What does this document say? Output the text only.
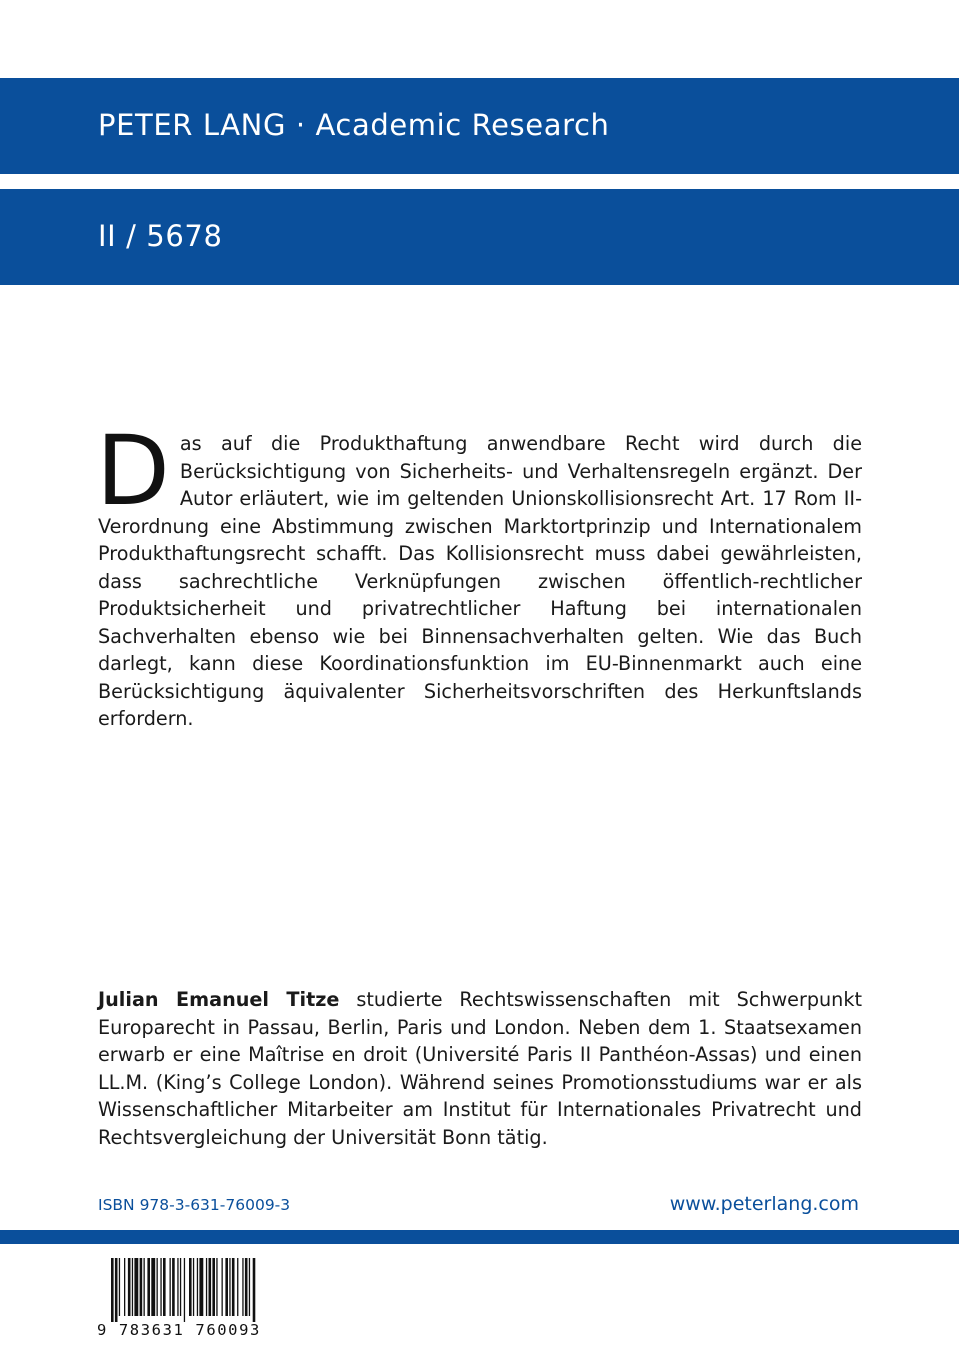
PETER LANG · Academic Research
II / 5678
Das auf die Produkthaftung anwendbare Recht wird durch die Berücksichtigung von Sicherheits- und Verhaltensregeln ergänzt. Der Autor erläutert, wie im geltenden Unionskollisionsrecht Art. 17 Rom II-Verordnung eine Abstimmung zwischen Marktortprinzip und Internationalem Produkthaftungsrecht schafft. Das Kollisionsrecht muss dabei gewährleisten, dass sachrechtliche Verknüpfungen zwischen öffentlich-rechtlicher Produktsicherheit und privatrechtlicher Haftung bei internationalen Sachverhalten ebenso wie bei Binnensachverhalten gelten. Wie das Buch darlegt, kann diese Koordinationsfunktion im EU-Binnenmarkt auch eine Berücksichtigung äquivalenter Sicherheitsvorschriften des Herkunftslands erfordern.
Julian Emanuel Titze studierte Rechtswissenschaften mit Schwerpunkt Europarecht in Passau, Berlin, Paris und London. Neben dem 1. Staatsexamen erwarb er eine Maîtrise en droit (Université Paris II Panthéon-Assas) und einen LL.M. (King’s College London). Während seines Promotionsstudiums war er als Wissenschaftlicher Mitarbeiter am Institut für Internationales Privatrecht und Rechtsvergleichung der Universität Bonn tätig.
ISBN 978-3-631-76009-3	www.peterlang.com
9 783631 760093
